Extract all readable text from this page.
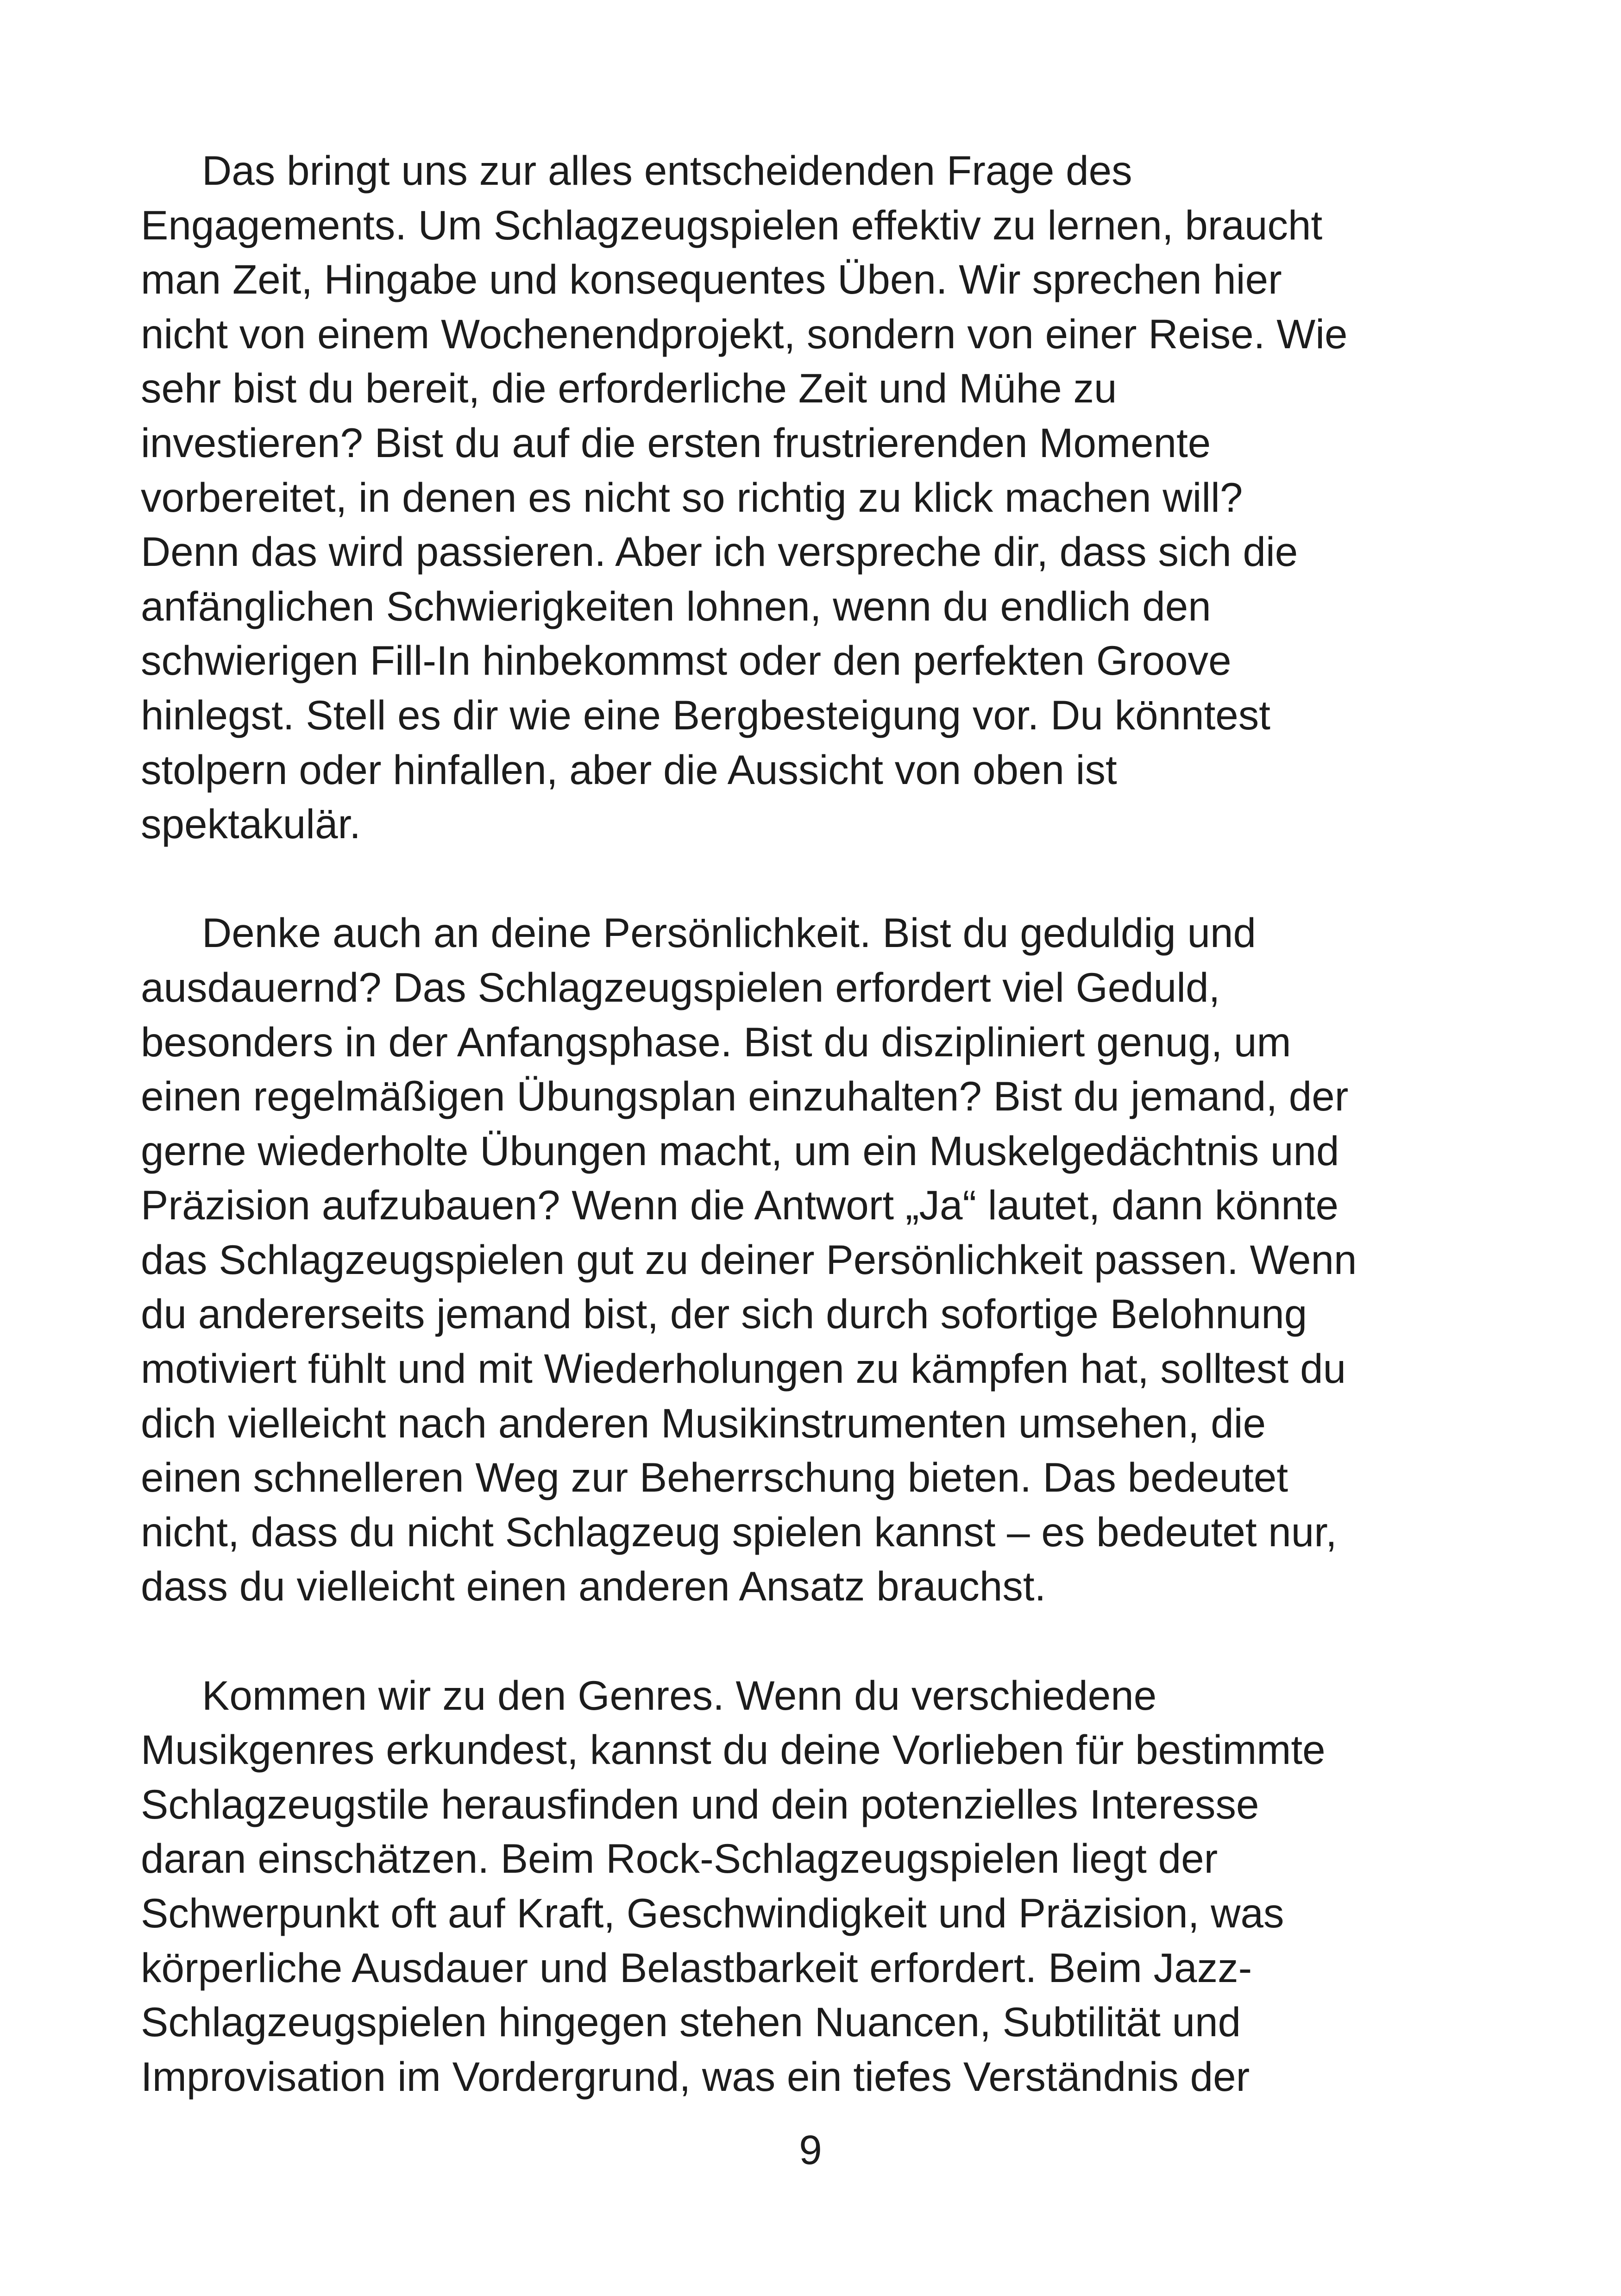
Das bringt uns zur alles entscheidenden Frage des
Engagements. Um Schlagzeugspielen effektiv zu lernen, braucht
man Zeit, Hingabe und konsequentes Üben. Wir sprechen hier
nicht von einem Wochenendprojekt, sondern von einer Reise. Wie
sehr bist du bereit, die erforderliche Zeit und Mühe zu
investieren? Bist du auf die ersten frustrierenden Momente
vorbereitet, in denen es nicht so richtig zu klick machen will?
Denn das wird passieren. Aber ich verspreche dir, dass sich die
anfänglichen Schwierigkeiten lohnen, wenn du endlich den
schwierigen Fill-In hinbekommst oder den perfekten Groove
hinlegst. Stell es dir wie eine Bergbesteigung vor. Du könntest
stolpern oder hinfallen, aber die Aussicht von oben ist
spektakulär.
Denke auch an deine Persönlichkeit. Bist du geduldig und
ausdauernd? Das Schlagzeugspielen erfordert viel Geduld,
besonders in der Anfangsphase. Bist du diszipliniert genug, um
einen regelmäßigen Übungsplan einzuhalten? Bist du jemand, der
gerne wiederholte Übungen macht, um ein Muskelgedächtnis und
Präzision aufzubauen? Wenn die Antwort „Ja“ lautet, dann könnte
das Schlagzeugspielen gut zu deiner Persönlichkeit passen. Wenn
du andererseits jemand bist, der sich durch sofortige Belohnung
motiviert fühlt und mit Wiederholungen zu kämpfen hat, solltest du
dich vielleicht nach anderen Musikinstrumenten umsehen, die
einen schnelleren Weg zur Beherrschung bieten. Das bedeutet
nicht, dass du nicht Schlagzeug spielen kannst – es bedeutet nur,
dass du vielleicht einen anderen Ansatz brauchst.
Kommen wir zu den Genres. Wenn du verschiedene
Musikgenres erkundest, kannst du deine Vorlieben für bestimmte
Schlagzeugstile herausfinden und dein potenzielles Interesse
daran einschätzen. Beim Rock-Schlagzeugspielen liegt der
Schwerpunkt oft auf Kraft, Geschwindigkeit und Präzision, was
körperliche Ausdauer und Belastbarkeit erfordert. Beim Jazz-
Schlagzeugspielen hingegen stehen Nuancen, Subtilität und
Improvisation im Vordergrund, was ein tiefes Verständnis der
9
